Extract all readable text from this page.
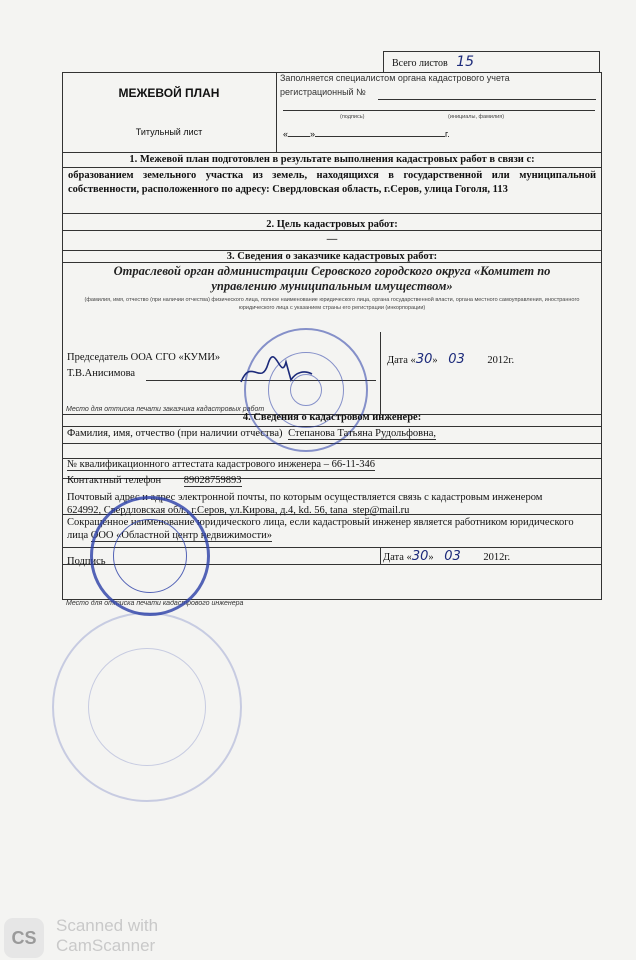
Всего листов 15
МЕЖЕВОЙ ПЛАН
Титульный лист
Заполняется специалистом органа кадастрового учета
регистрационный №
(подпись)	(инициалы, фамилия)
« »	г.
1. Межевой план подготовлен в результате выполнения кадастровых работ в связи с:
образованием земельного участка из земель, находящихся в государственной или муниципальной собственности, расположенного по адресу: Свердловская область, г.Серов, улица Гоголя, 113
2. Цель кадастровых работ:
—
3. Сведения о заказчике кадастровых работ:
Отраслевой орган администрации Серовского городского округа «Комитет по управлению муниципальным имуществом»
(фамилия, имя, отчество (при наличии отчества) физического лица, полное наименование юридического лица, органа государственной власти, органа местного самоуправления, иностранного юридического лица с указанием страны его регистрации (инкорпорации)
Председатель ООА СГО «КУМИ»
Т.В.Анисимова
Дата «30» 03 2012г.
Место для оттиска печати заказчика кадастровых работ
4. Сведения о кадастровом инженере:
Фамилия, имя, отчество (при наличии отчества) Степанова Татьяна Рудольфовна,
№ квалификационного аттестата кадастрового инженера – 66-11-346
Контактный телефон 89028759893
Почтовый адрес и адрес электронной почты, по которым осуществляется связь с кадастровым инженером
624992, Свердловская обл., г.Серов, ул.Кирова, д.4, kd. 56, tana_step@mail.ru
Сокращенное наименование юридического лица, если кадастровый инженер является работником юридического лица ООО «Областной центр недвижимости»
Подпись	Дата «30» 03 2012г.
Место для оттиска печати кадастрового инженера
CS
Scanned with
CamScanner
